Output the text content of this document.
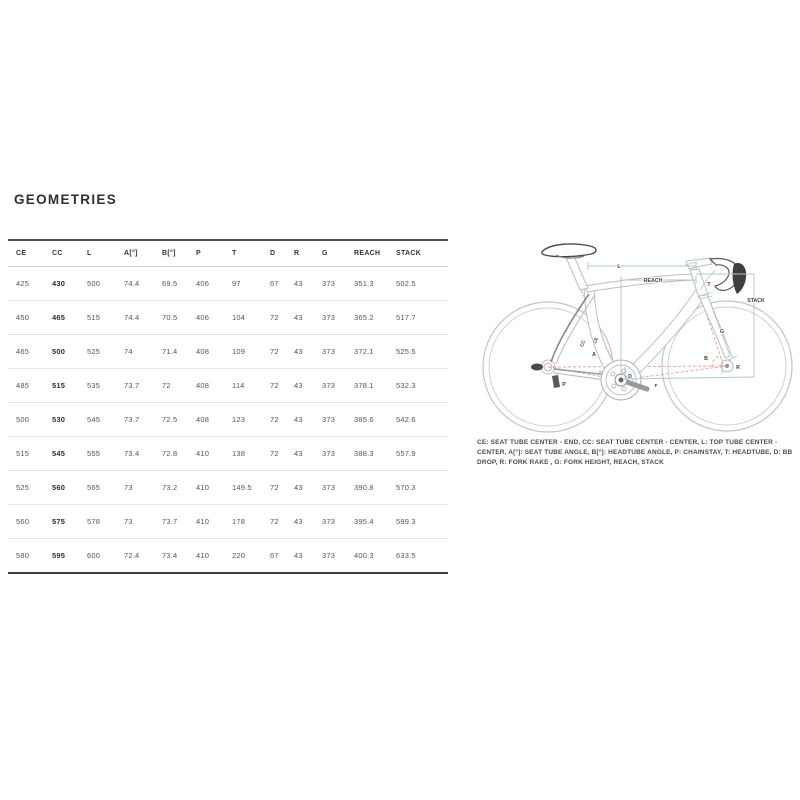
GEOMETRIES
CE	CC	L	A[°]	B[°]	P	T	D	R	G	REACH	STACK
425	430	500	74.4	69.5	406	97	67	43	373	351.3	502.5
450	465	515	74.4	70.5	406	104	72	43	373	365.2	517.7
465	500	525	74	71.4	408	109	72	43	373	372.1	525.5
485	515	535	73.7	72	408	114	72	43	373	378.1	532.3
500	530	545	73.7	72.5	408	123	72	43	373	385.6	542.6
515	545	555	73.4	72.8	410	138	72	43	373	388.3	557.9
525	560	565	73	73.2	410	149.5	72	43	373	390.8	570.3
560	575	578	73	73.7	410	178	72	43	373	395.4	599.3
580	595	600	72.4	73.4	410	220	67	43	373	400.3	633.5
L
REACH
STACK
T
G
B
R
CC CE
A
P
D
F
CE: SEAT TUBE CENTER - END, CC: SEAT TUBE CENTER - CENTER, L: TOP TUBE CENTER - CENTER, A[°]: SEAT TUBE ANGLE, B[°]: HEADTUBE ANGLE, P: CHAINSTAY, T: HEADTUBE, D: BB DROP, R: FORK RAKE , G: FORK HEIGHT, REACH, STACK
